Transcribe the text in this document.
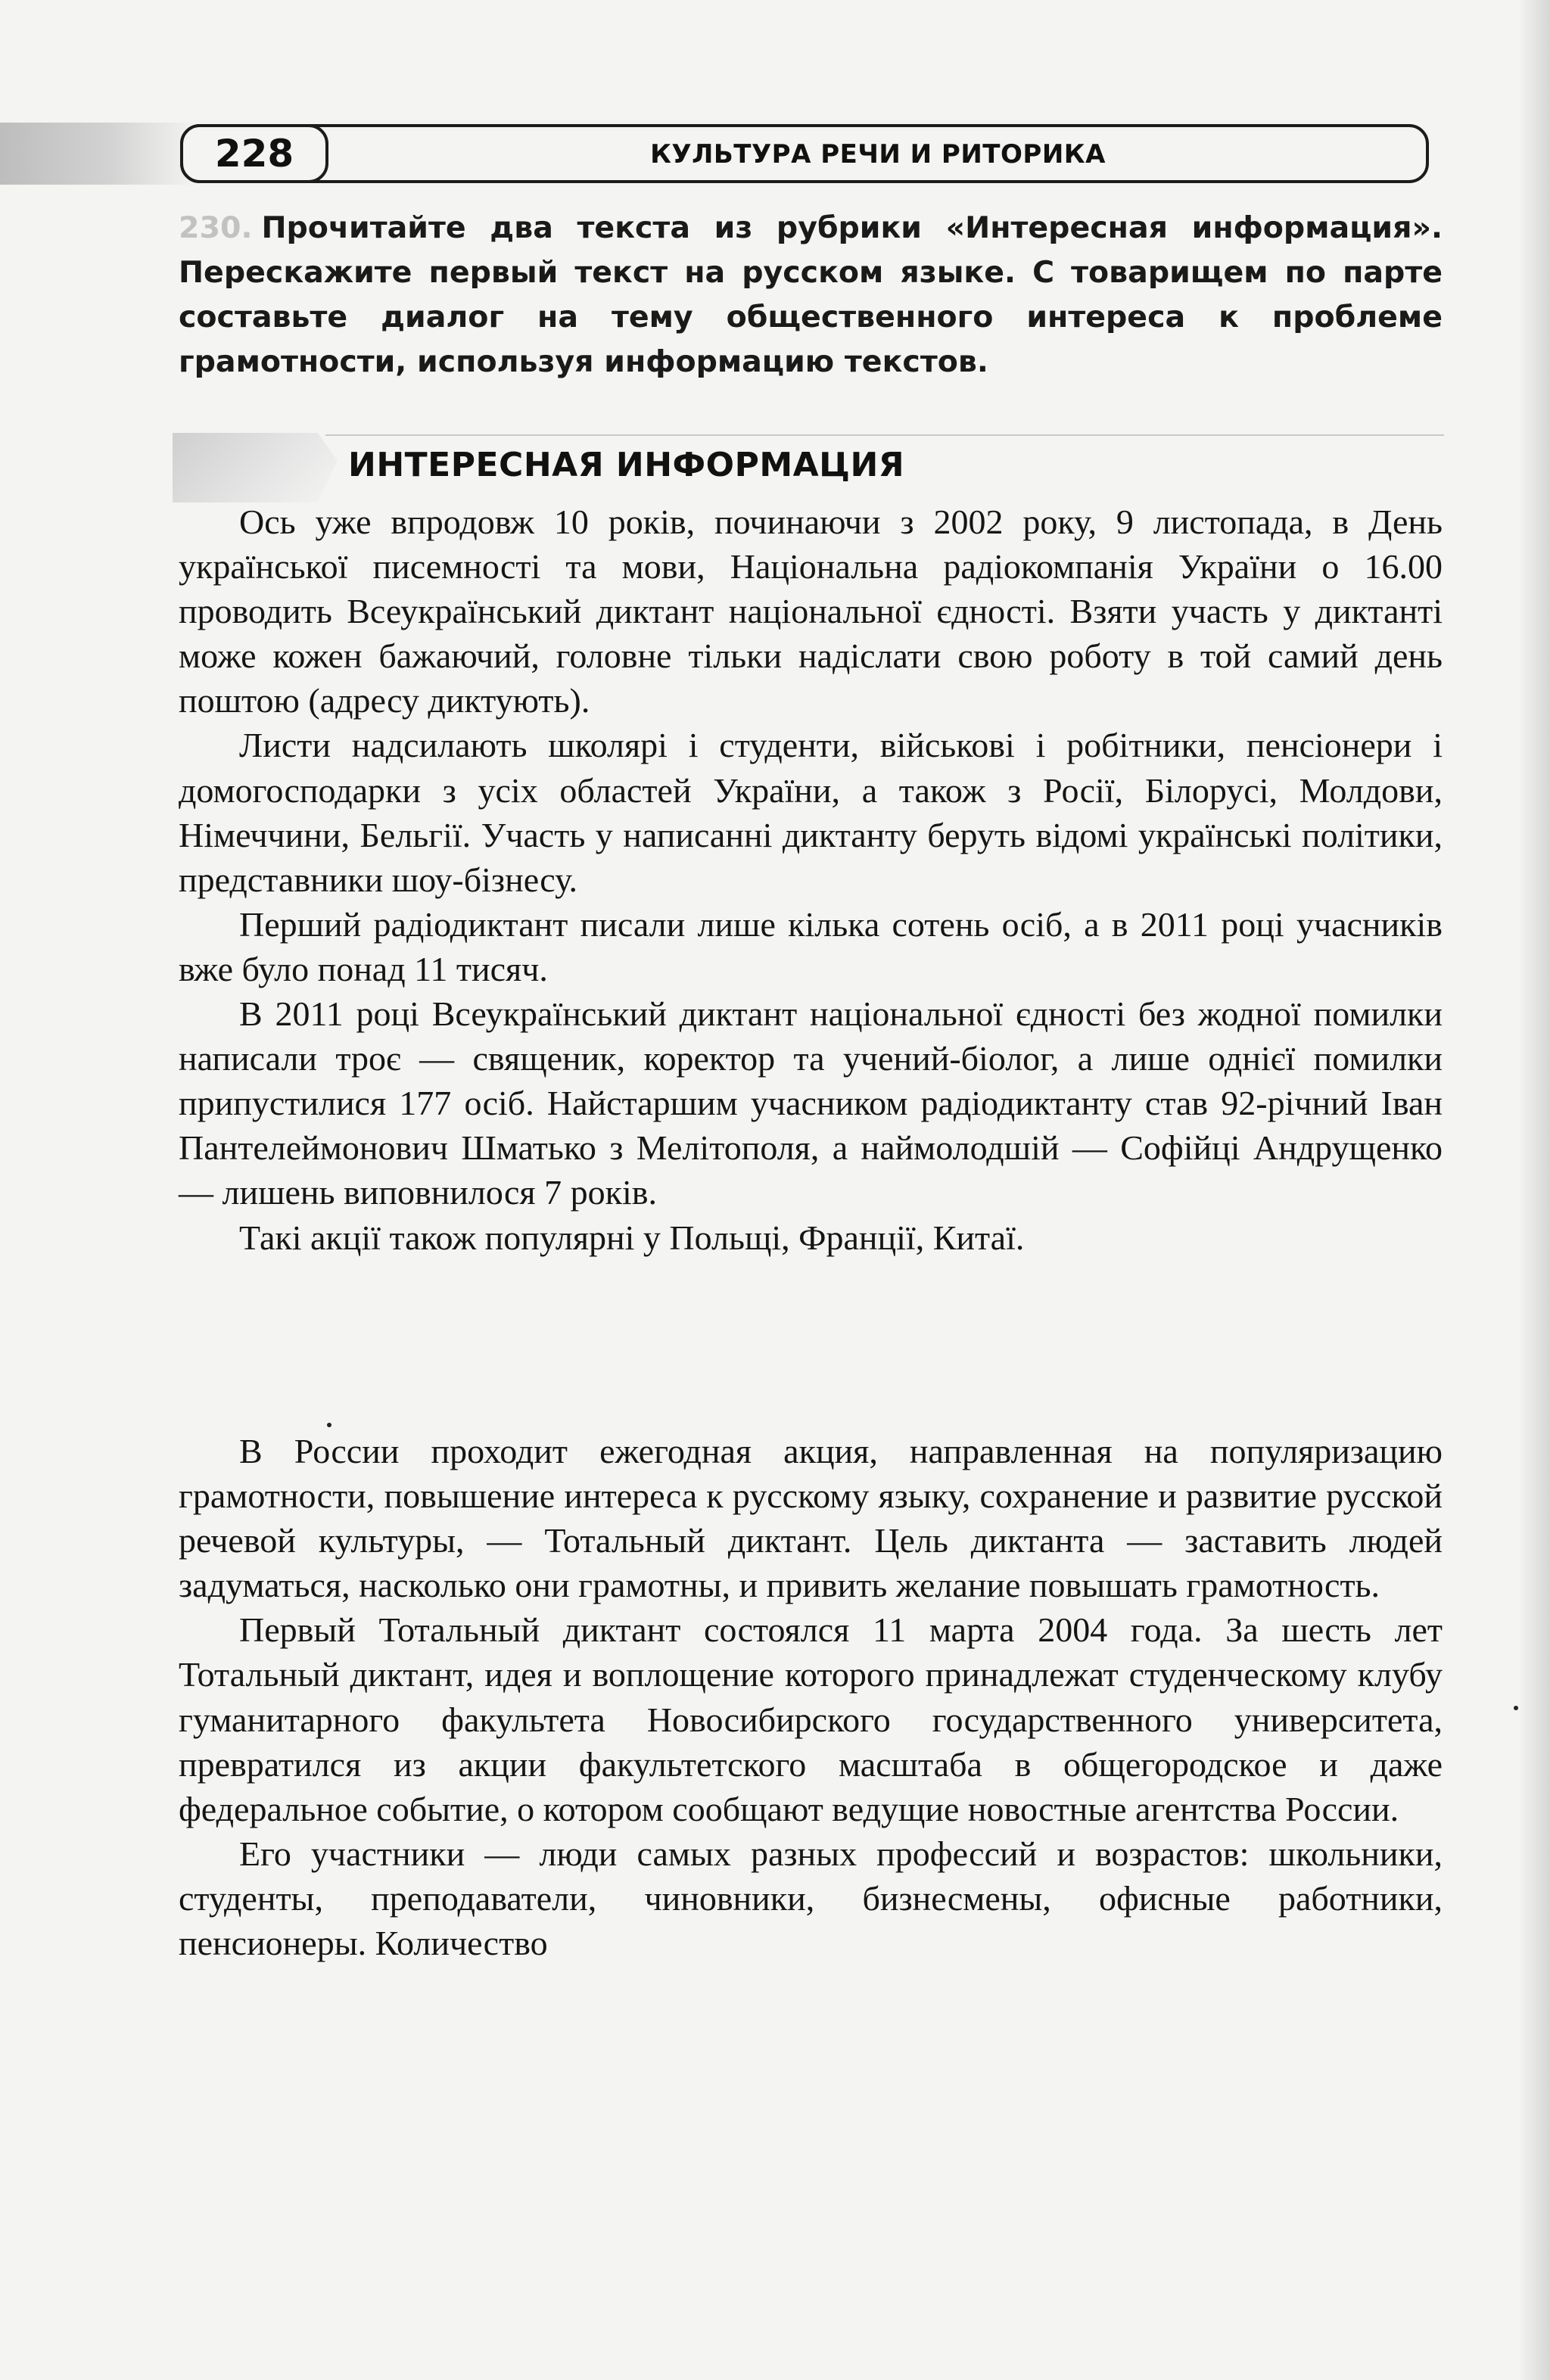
228	КУЛЬТУРА РЕЧИ И РИТОРИКА
230. Прочитайте два текста из рубрики «Интересная информация». Перескажите первый текст на русском языке. С товарищем по парте составьте диалог на тему общественного интереса к проблеме грамотности, используя информацию текстов.
ИНТЕРЕСНАЯ ИНФОРМАЦИЯ

Ось уже впродовж 10 років, починаючи з 2002 року, 9 листопада, в День української писемності та мови, Національна радіокомпанія України о 16.00 проводить Всеукраїнський диктант національної єдності. Взяти участь у диктанті може кожен бажаючий, головне тільки надіслати свою роботу в той самий день поштою (адресу диктують).

Листи надсилають школярі і студенти, військові і робітники, пенсіонери і домогосподарки з усіх областей України, а також з Росії, Білорусі, Молдови, Німеччини, Бельгії. Участь у написанні диктанту беруть відомі українські політики, представники шоу-бізнесу.

Перший радіодиктант писали лише кілька сотень осіб, а в 2011 році учасників вже було понад 11 тисяч.

В 2011 році Всеукраїнський диктант національної єдності без жодної помилки написали троє — священик, коректор та учений-біолог, а лише однієї помилки припустилися 177 осіб. Найстаршим учасником радіодиктанту став 92-річний Іван Пантелеймонович Шматько з Мелітополя, а наймолодшій — Софійці Андрущенко — лишень виповнилося 7 років.

Такі акції також популярні у Польщі, Франції, Китаї.

В России проходит ежегодная акция, направленная на популяризацию грамотности, повышение интереса к русскому языку, сохранение и развитие русской речевой культуры, — Тотальный диктант. Цель диктанта — заставить людей задуматься, насколько они грамотны, и привить желание повышать грамотность.

Первый Тотальный диктант состоялся 11 марта 2004 года. За шесть лет Тотальный диктант, идея и воплощение которого принадлежат студенческому клубу гуманитарного факультета Новосибирского государственного университета, превратился из акции факультетского масштаба в общегородское и даже федеральное событие, о котором сообщают ведущие новостные агентства России.

Его участники — люди самых разных профессий и возрастов: школьники, студенты, преподаватели, чиновники, бизнесмены, офисные работники, пенсионеры. Количество
